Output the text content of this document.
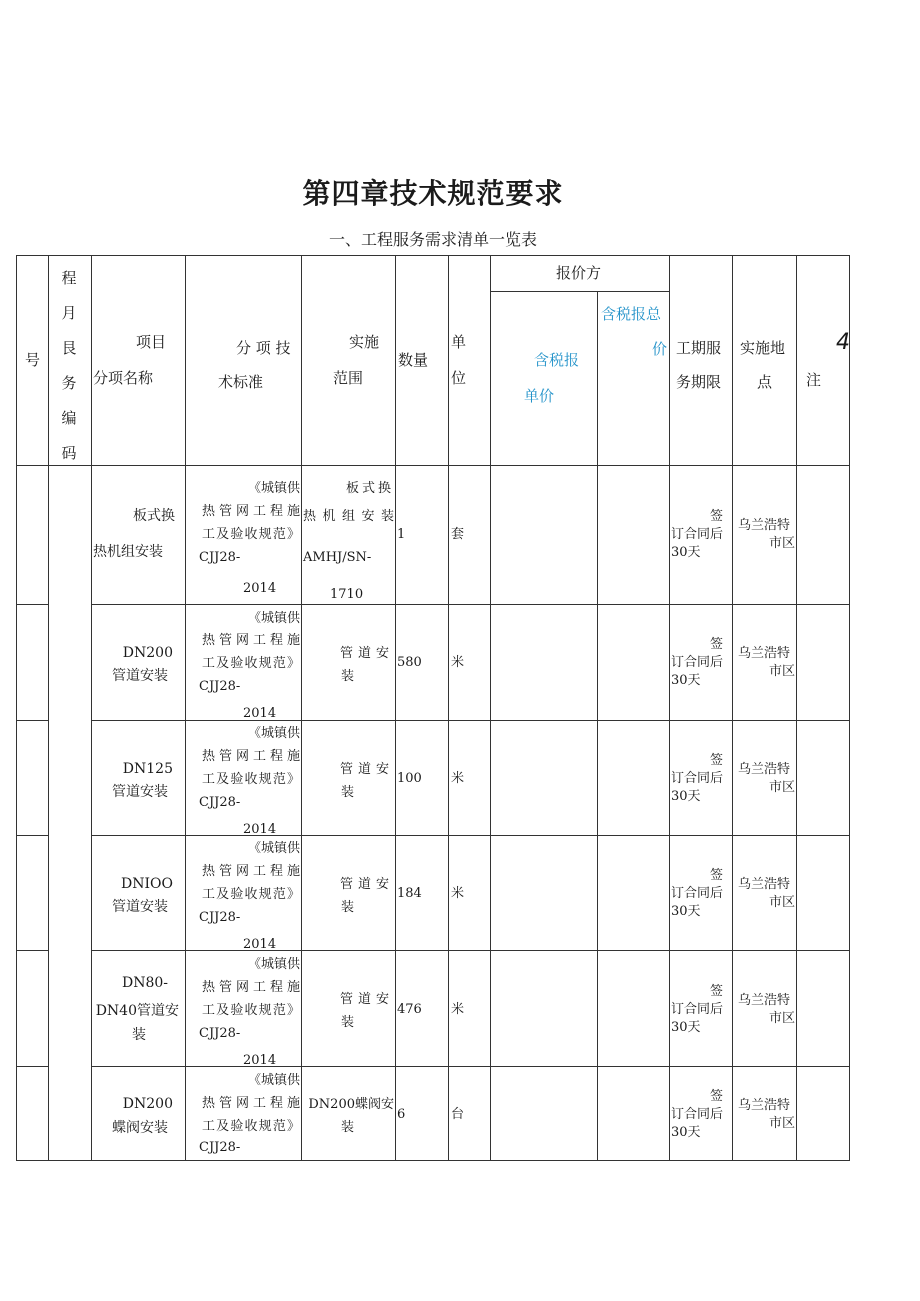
第四章技术规范要求
一、工程服务需求清单一览表
号
程
月
艮
务
编
码
项目
分项名称
分 项 技
术标准
实施
范围
数量
单
位
报价方
含税报
单价
含税报总
价 工期服
务期限
实施地
点 注
4
板式换
热机组安装
《城镇供
热管网工程施
工及验收规范》
CJJ28-
2014
板式换
热机组安装
AMHJ/SN-
1710
1	套
签
订合同后
30天
乌兰浩特
市区
DN200
管道安装
《城镇供
热管网工程施
工及验收规范》
CJJ28-
2014
管道安
装
580 米
签
订合同后
30天
乌兰浩特
市区
DN125
管道安装
《城镇供
热管网工程施
工及验收规范》
CJJ28-
2014
管道安
装
100 米
签
订合同后
30天
乌兰浩特
市区
DNIOO
管道安装
《城镇供
热管网工程施
工及验收规范》
CJJ28-
2014
管道安
装
184 米
签
订合同后
30天
乌兰浩特
市区
DN80-
DN40管道安
装
《城镇供
热管网工程施
工及验收规范》
CJJ28-
2014
管道安
装
476 米
签
订合同后
30天
乌兰浩特
市区
DN200
蝶阀安装
《城镇供
热管网工程施
工及验收规范》
CJJ28-
DN200蝶阀安
装
6	台
签
订合同后
30天
乌兰浩特
市区
